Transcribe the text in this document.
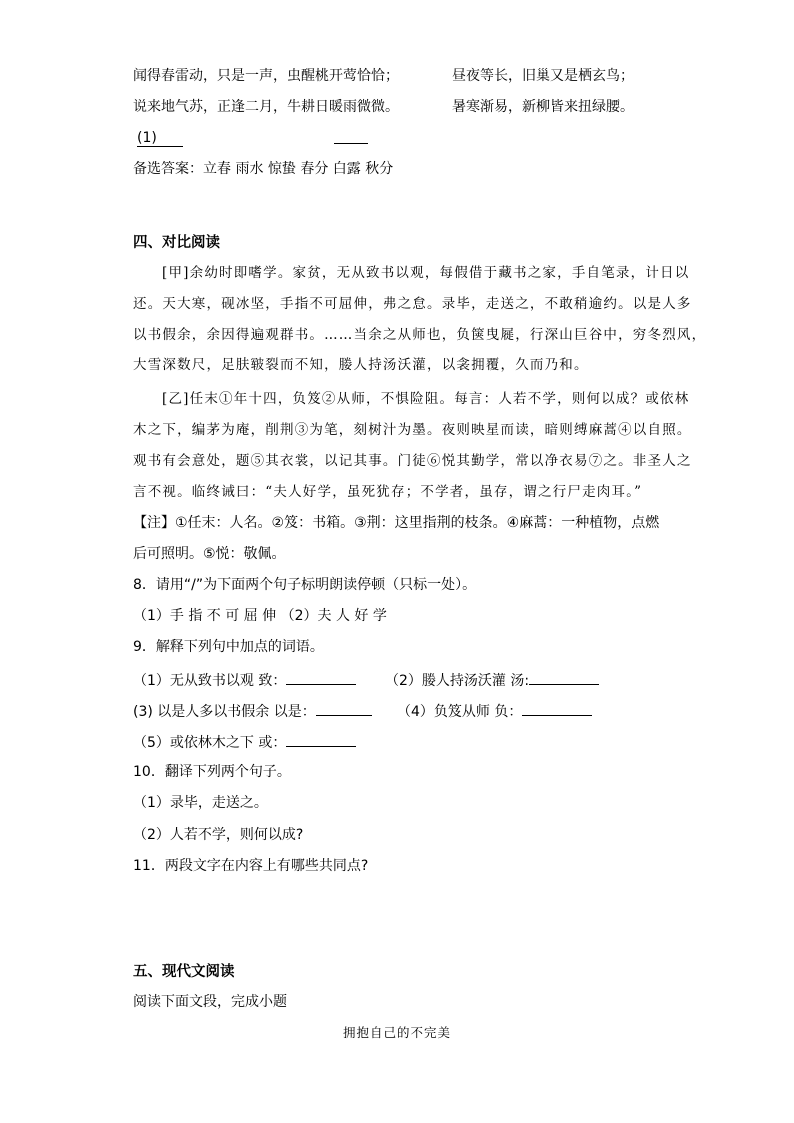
闻得春雷动，只是一声，虫醒桃开莺恰恰；	昼夜等长，旧巢又是栖玄鸟；
说来地气苏，正逢二月，牛耕日暖雨微微。	暑寒渐易，新柳皆来扭绿腰。
(1)
备选答案：立春 雨水 惊蛰 春分 白露 秋分
四、对比阅读
[甲]余幼时即嗜学。家贫，无从致书以观，每假借于藏书之家，手自笔录，计日以
还。天大寒，砚冰坚，手指不可屈伸，弗之怠。录毕，走送之，不敢稍逾约。以是人多
以书假余，余因得遍观群书。……当余之从师也，负箧曳屣，行深山巨谷中，穷冬烈风，
大雪深数尺，足肤皲裂而不知，媵人持汤沃灌，以衾拥覆，久而乃和。
[乙]任末①年十四，负笈②从师，不惧险阻。每言：人若不学，则何以成？或依林
木之下，编茅为庵，削荆③为笔，刻树汁为墨。夜则映星而读，暗则缚麻蒿④以自照。
观书有会意处，题⑤其衣裳，以记其事。门徒⑥悦其勤学，常以净衣易⑦之。非圣人之
言不视。临终诫曰：“夫人好学，虽死犹存；不学者，虽存，谓之行尸走肉耳。”
【注】①任末：人名。②笈：书箱。③荆：这里指荆的枝条。④麻蒿：一种植物，点燃
后可照明。⑤悦：敬佩。
8．请用“/”为下面两个句子标明朗读停顿（只标一处）。
（1）手 指 不 可 屈 伸 （2）夫 人 好 学
9．解释下列句中加点的词语。
（1）无从致书以观 致：	（2）媵人持汤沃灌 汤:
(3) 以是人多以书假余 以是：	（4）负笈从师 负：
（5）或依林木之下 或：
10．翻译下列两个句子。
（1）录毕，走送之。
（2）人若不学，则何以成?
11．两段文字在内容上有哪些共同点?
五、现代文阅读
阅读下面文段，完成小题
拥抱自己的不完美
